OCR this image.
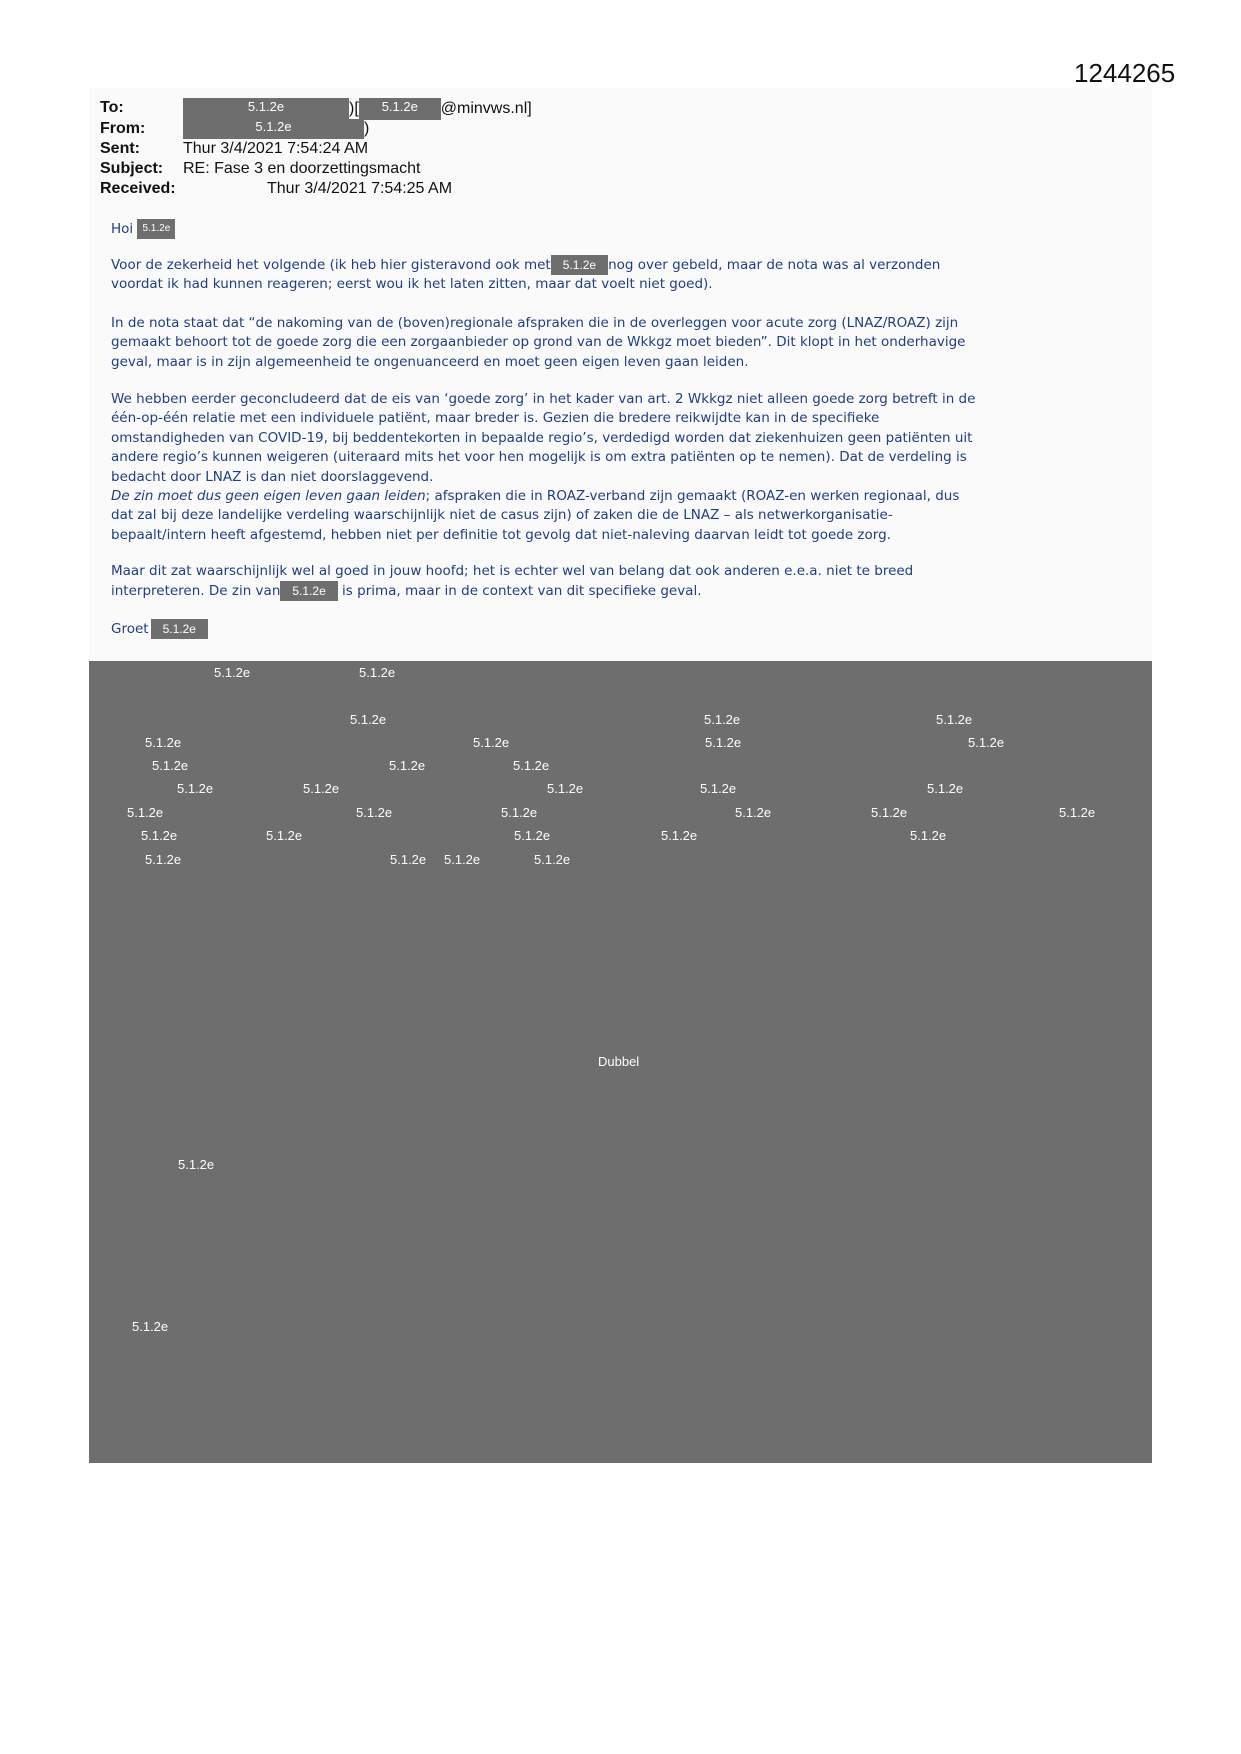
1244265
To:	5.1.2e	)[ 5.1.2e @minvws.nl]
From:	5.1.2e	)
Sent:	Thur 3/4/2021 7:54:24 AM
Subject:	RE: Fase 3 en doorzettingsmacht
Received:	Thur 3/4/2021 7:54:25 AM
Hoi 5.1.2e
Voor de zekerheid het volgende (ik heb hier gisteravond ook met 5.1.2e nog over gebeld, maar de nota was al verzonden
voordat ik had kunnen reageren; eerst wou ik het laten zitten, maar dat voelt niet goed).
In de nota staat dat “de nakoming van de (boven)regionale afspraken die in de overleggen voor acute zorg (LNAZ/ROAZ) zijn
gemaakt behoort tot de goede zorg die een zorgaanbieder op grond van de Wkkgz moet bieden”. Dit klopt in het onderhavige
geval, maar is in zijn algemeenheid te ongenuanceerd en moet geen eigen leven gaan leiden.
We hebben eerder geconcludeerd dat de eis van ‘goede zorg’ in het kader van art. 2 Wkkgz niet alleen goede zorg betreft in de
één-op-één relatie met een individuele patiënt, maar breder is. Gezien die bredere reikwijdte kan in de specifieke
omstandigheden van COVID-19, bij beddentekorten in bepaalde regio’s, verdedigd worden dat ziekenhuizen geen patiënten uit
andere regio’s kunnen weigeren (uiteraard mits het voor hen mogelijk is om extra patiënten op te nemen). Dat de verdeling is
bedacht door LNAZ is dan niet doorslaggevend.
De zin moet dus geen eigen leven gaan leiden; afspraken die in ROAZ-verband zijn gemaakt (ROAZ-en werken regionaal, dus
dat zal bij deze landelijke verdeling waarschijnlijk niet de casus zijn) of zaken die de LNAZ – als netwerkorganisatie-
bepaalt/intern heeft afgestemd, hebben niet per definitie tot gevolg dat niet-naleving daarvan leidt tot goede zorg.
Maar dit zat waarschijnlijk wel al goed in jouw hoofd; het is echter wel van belang dat ook anderen e.e.a. niet te breed
interpreteren. De zin van 5.1.2e is prima, maar in de context van dit specifieke geval.
Groet 5.1.2e
Dubbel
5.1.2e	5.1.2e
5.1.2e	5.1.2e	5.1.2e
5.1.2e	5.1.2e	5.1.2e	5.1.2e
5.1.2e	5.1.2e	5.1.2e
5.1.2e	5.1.2e	5.1.2e	5.1.2e	5.1.2e
5.1.2e	5.1.2e	5.1.2e	5.1.2e	5.1.2e	5.1.2e
5.1.2e	5.1.2e	5.1.2e	5.1.2e	5.1.2e
5.1.2e	5.1.2e 5.1.2e	5.1.2e
5.1.2e
5.1.2e
